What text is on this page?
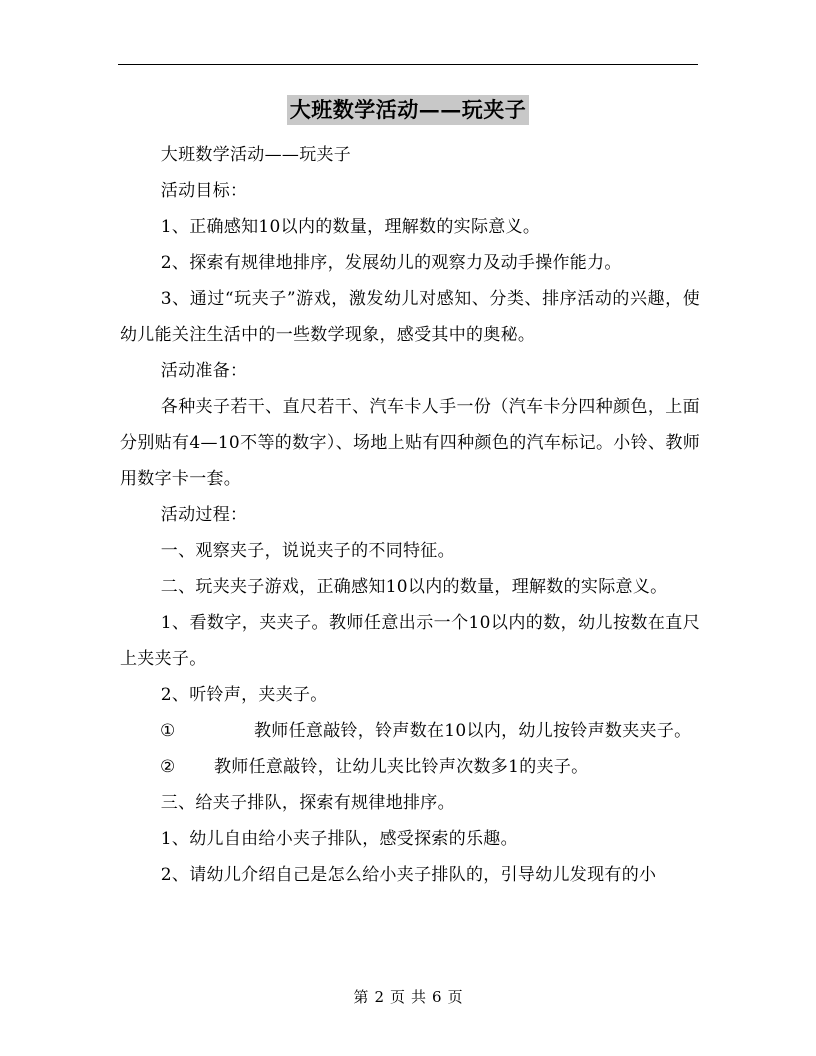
大班数学活动——玩夹子

大班数学活动——玩夹子

活动目标：

1、正确感知10以内的数量，理解数的实际意义。

2、探索有规律地排序，发展幼儿的观察力及动手操作能力。

3、通过“玩夹子”游戏，激发幼儿对感知、分类、排序活动的兴趣，使幼儿能关注生活中的一些数学现象，感受其中的奥秘。

活动准备：

各种夹子若干、直尺若干、汽车卡人手一份（汽车卡分四种颜色，上面分别贴有4—10不等的数字）、场地上贴有四种颜色的汽车标记。小铃、教师用数字卡一套。

活动过程：

一、观察夹子，说说夹子的不同特征。

二、玩夹夹子游戏，正确感知10以内的数量，理解数的实际意义。

1、看数字，夹夹子。教师任意出示一个10以内的数，幼儿按数在直尺上夹夹子。

2、听铃声，夹夹子。

①	教师任意敲铃，铃声数在10以内，幼儿按铃声数夹夹子。

② 教师任意敲铃，让幼儿夹比铃声次数多1的夹子。

三、给夹子排队，探索有规律地排序。

1、幼儿自由给小夹子排队，感受探索的乐趣。

2、请幼儿介绍自己是怎么给小夹子排队的，引导幼儿发现有的小

第 2 页 共 6 页
